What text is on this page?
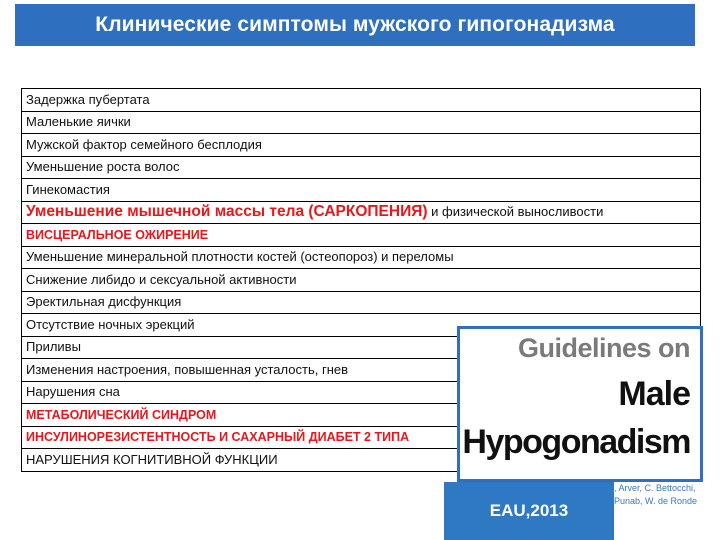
Клинические симптомы мужского гипогонадизма
Задержка пубертата
Маленькие яички
Мужской фактор семейного бесплодия
Уменьшение роста волос
Гинекомастия
Уменьшение мышечной массы тела (САРКОПЕНИЯ) и физической выносливости
ВИСЦЕРАЛЬНОЕ ОЖИРЕНИЕ
Уменьшение минеральной плотности костей (остеопороз) и переломы
Снижение либидо и сексуальной активности
Эректильная дисфункция
Отсутствие ночных эрекций
Приливы
Изменения настроения, повышенная усталость, гнев
Нарушения сна
МЕТАБОЛИЧЕСКИЙ СИНДРОМ
ИНСУЛИНОРЕЗИСТЕНТНОСТЬ И САХАРНЫЙ ДИАБЕТ 2 ТИПА
НАРУШЕНИЯ КОГНИТИВНОЙ ФУНКЦИИ
Guidelines on
Male
Hypogonadism
EAU,2013
, Arver, C. Bettocchi,
Punab, W. de Ronde
